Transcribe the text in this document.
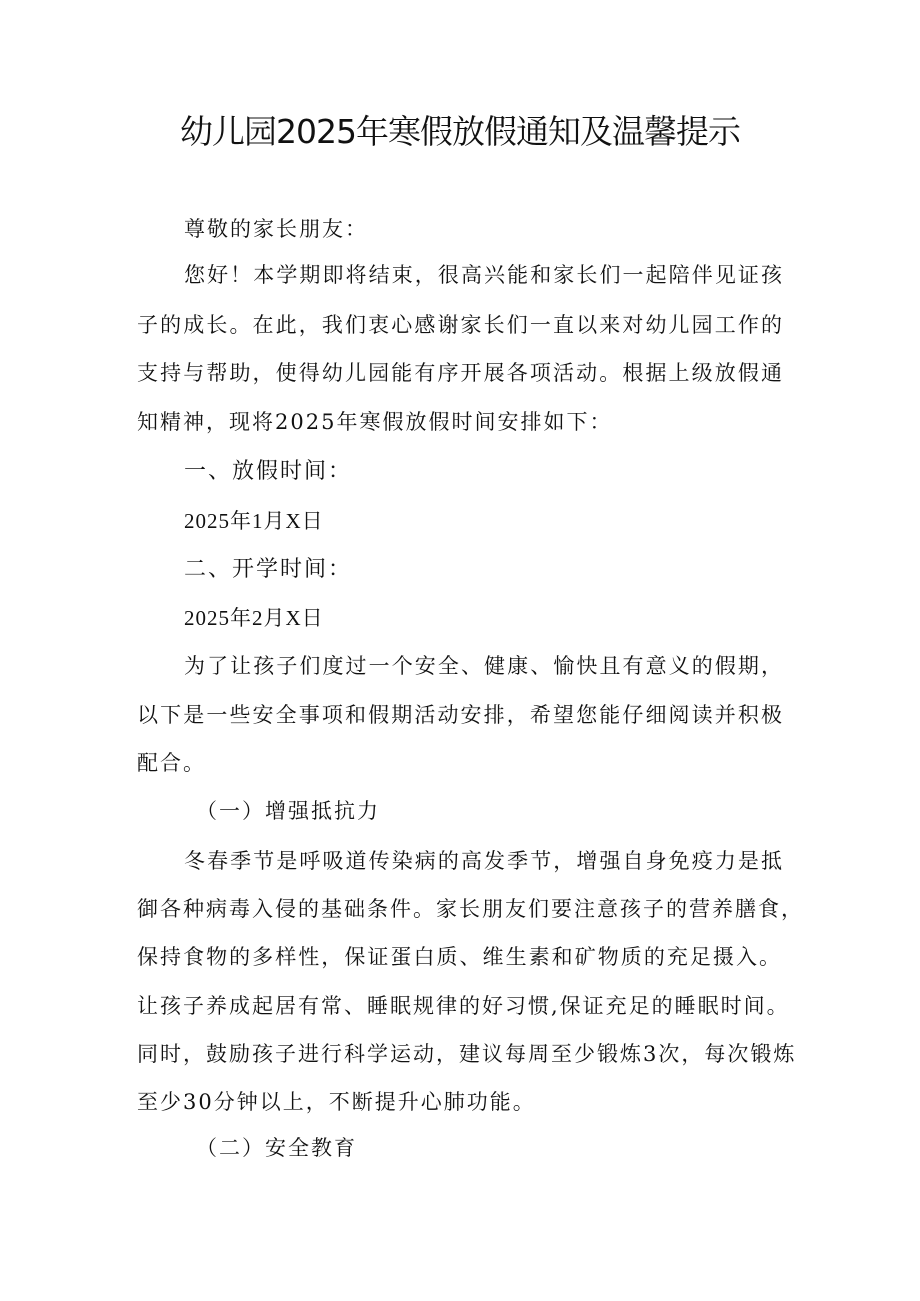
幼儿园2025年寒假放假通知及温馨提示
尊敬的家长朋友：
您好！本学期即将结束，很高兴能和家长们一起陪伴见证孩
子的成长。在此，我们衷心感谢家长们一直以来对幼儿园工作的
支持与帮助，使得幼儿园能有序开展各项活动。根据上级放假通
知精神，现将2025年寒假放假时间安排如下：
一、放假时间：
2025年1月X日
二、开学时间：
2025年2月X日
为了让孩子们度过一个安全、健康、愉快且有意义的假期，
以下是一些安全事项和假期活动安排，希望您能仔细阅读并积极
配合。
（一）增强抵抗力
冬春季节是呼吸道传染病的高发季节，增强自身免疫力是抵
御各种病毒入侵的基础条件。家长朋友们要注意孩子的营养膳食，
保持食物的多样性，保证蛋白质、维生素和矿物质的充足摄入。
让孩子养成起居有常、睡眠规律的好习惯,保证充足的睡眠时间。
同时，鼓励孩子进行科学运动，建议每周至少锻炼3次，每次锻炼
至少30分钟以上，不断提升心肺功能。
（二）安全教育
